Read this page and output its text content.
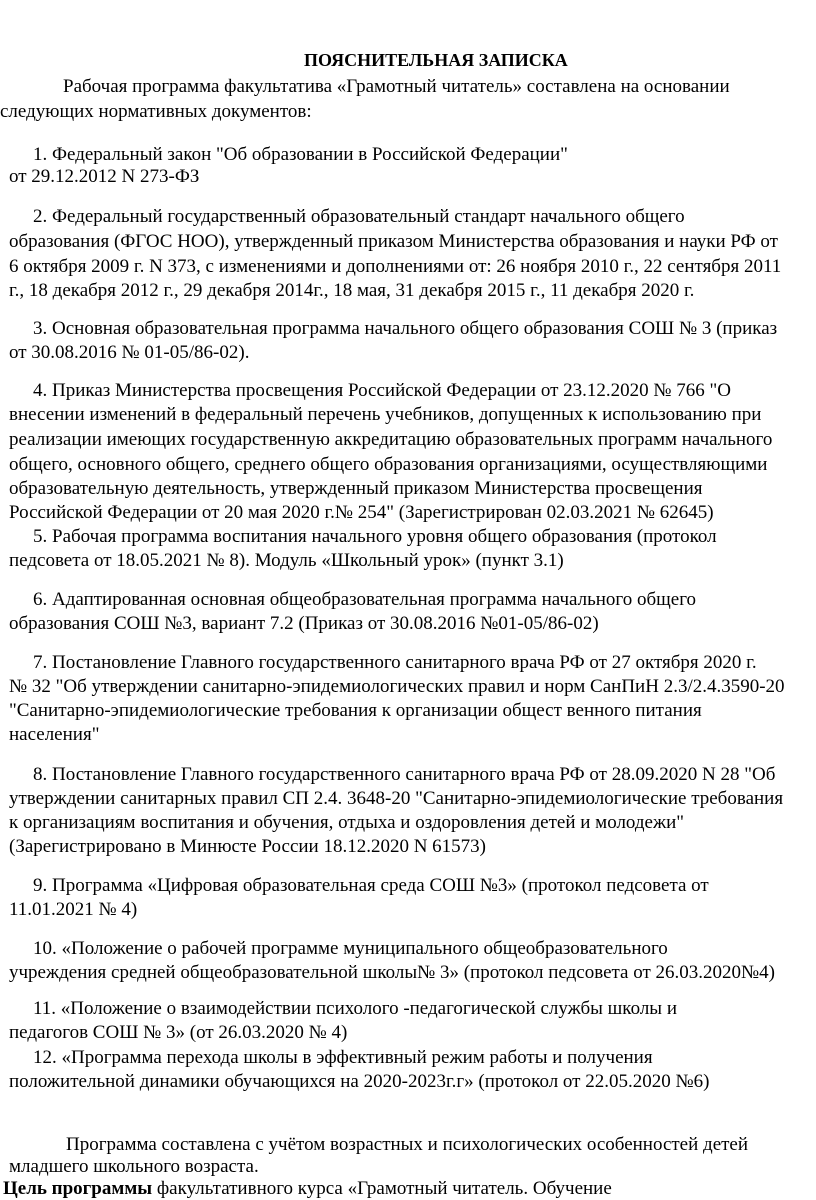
ПОЯСНИТЕЛЬНАЯ ЗАПИСКА
Рабочая программа факультатива «Грамотный читатель» составлена на основании
следующих нормативных документов:
1. Федеральный закон "Об образовании в Российской Федерации"
от 29.12.2012 N 273-ФЗ
2. Федеральный государственный образовательный стандарт начального общего
образования (ФГОС НОО), утвержденный приказом Министерства образования и науки РФ от
6 октября 2009 г. N 373, с изменениями и дополнениями от: 26 ноября 2010 г., 22 сентября 2011
г., 18 декабря 2012 г., 29 декабря 2014г., 18 мая, 31 декабря 2015 г., 11 декабря 2020 г.
3. Основная образовательная программа начального общего образования СОШ № 3 (приказ
от 30.08.2016 № 01-05/86-02).
4. Приказ Министерства просвещения Российской Федерации от 23.12.2020 № 766 "О
внесении изменений в федеральный перечень учебников, допущенных к использованию при
реализации имеющих государственную аккредитацию образовательных программ начального
общего, основного общего, среднего общего образования организациями, осуществляющими
образовательную деятельность, утвержденный приказом Министерства просвещения
Российской Федерации от 20 мая 2020 г.№ 254" (Зарегистрирован 02.03.2021 № 62645)
5. Рабочая программа воспитания начального уровня общего образования (протокол
педсовета от 18.05.2021 № 8). Модуль «Школьный урок» (пункт 3.1)
6. Адаптированная основная общеобразовательная программа начального общего
образования СОШ №3, вариант 7.2 (Приказ от 30.08.2016 №01-05/86-02)
7. Постановление Главного государственного санитарного врача РФ от 27 октября 2020 г.
№ 32 "Об утверждении санитарно-эпидемиологических правил и норм СанПиН 2.3/2.4.3590-20
"Санитарно-эпидемиологические требования к организации общест венного питания
населения"
8. Постановление Главного государственного санитарного врача РФ от 28.09.2020 N 28 "Об
утверждении санитарных правил СП 2.4. 3648-20 "Санитарно-эпидемиологические требования
к организациям воспитания и обучения, отдыха и оздоровления детей и молодежи"
(Зарегистрировано в Минюсте России 18.12.2020 N 61573)
9. Программа «Цифровая образовательная среда СОШ №3» (протокол педсовета от
11.01.2021 № 4)
10. «Положение о рабочей программе муниципального общеобразовательного
учреждения средней общеобразовательной школы№ 3» (протокол педсовета от 26.03.2020№4)
11. «Положение о взаимодействии психолого -педагогической службы школы и
педагогов СОШ № 3» (от 26.03.2020 № 4)
12. «Программа перехода школы в эффективный режим работы и получения
положительной динамики обучающихся на 2020-2023г.г» (протокол от 22.05.2020 №6)
Программа составлена с учётом возрастных и психологических особенностей детей
младшего школьного возраста.
Цель программы факультативного курса «Грамотный читатель. Обучение
